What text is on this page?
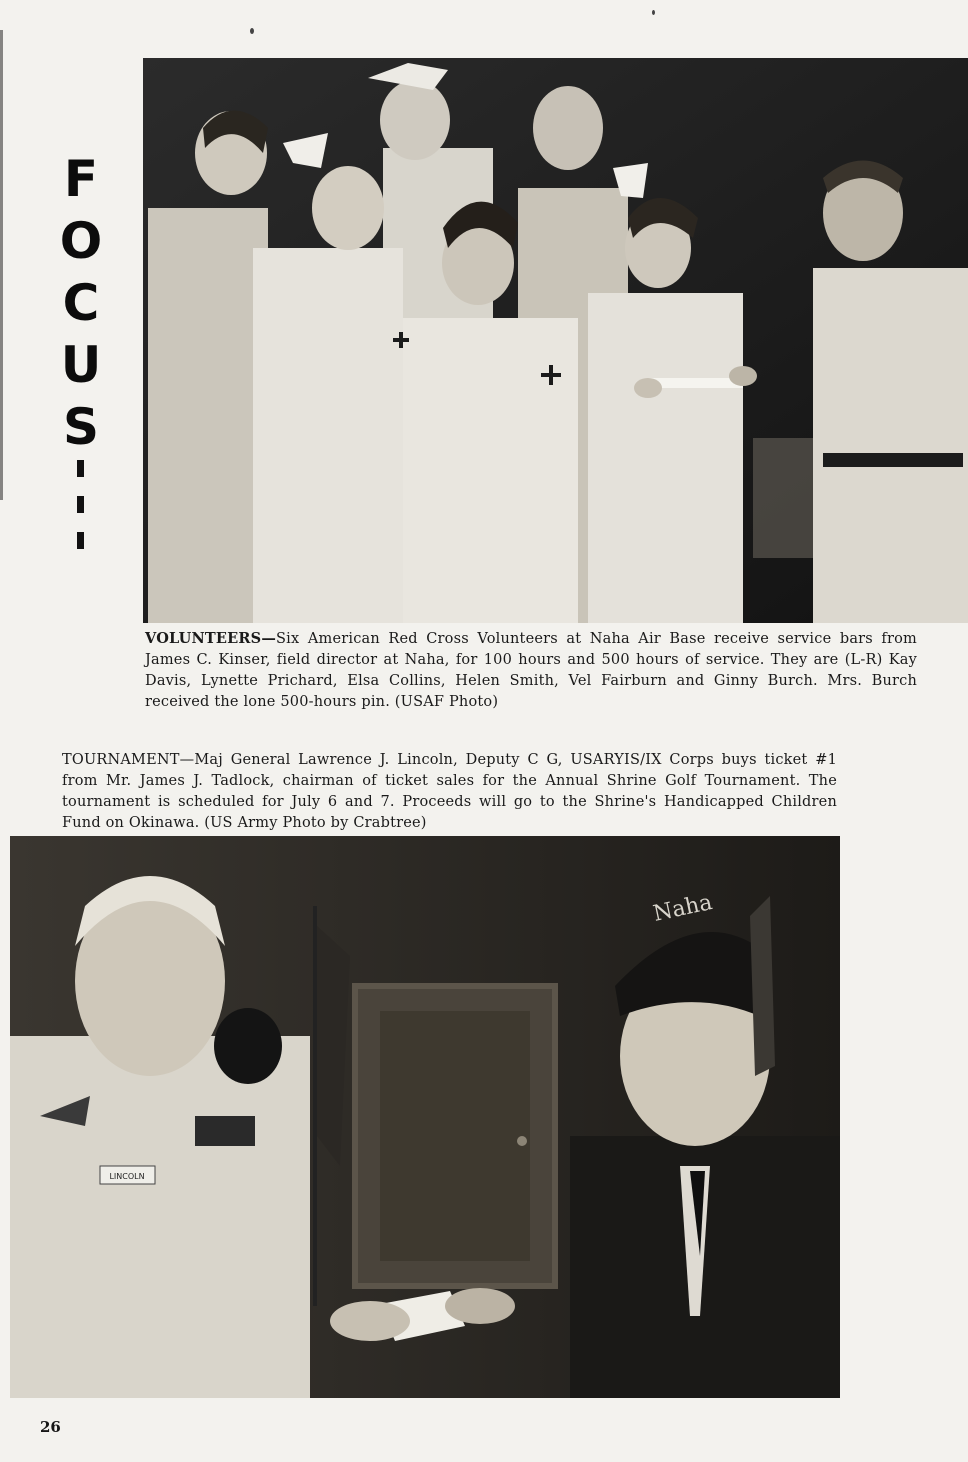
F
O
C
U
S
VOLUNTEERS—Six American Red Cross Volunteers at Naha Air Base receive service bars from James C. Kinser, field director at Naha, for 100 hours and 500 hours of service. They are (L-R) Kay Davis, Lynette Prichard, Elsa Collins, Helen Smith, Vel Fairburn and Ginny Burch. Mrs. Burch received the lone 500-hours pin. (USAF Photo)
TOURNAMENT—Maj General Lawrence J. Lincoln, Deputy C G, USARYIS/IX Corps buys ticket #1 from Mr. James J. Tadlock, chairman of ticket sales for the Annual Shrine Golf Tournament. The tournament is scheduled for July 6 and 7. Proceeds will go to the Shrine's Handicapped Children Fund on Okinawa. (US Army Photo by Crabtree)
LINCOLN
Naha
26
